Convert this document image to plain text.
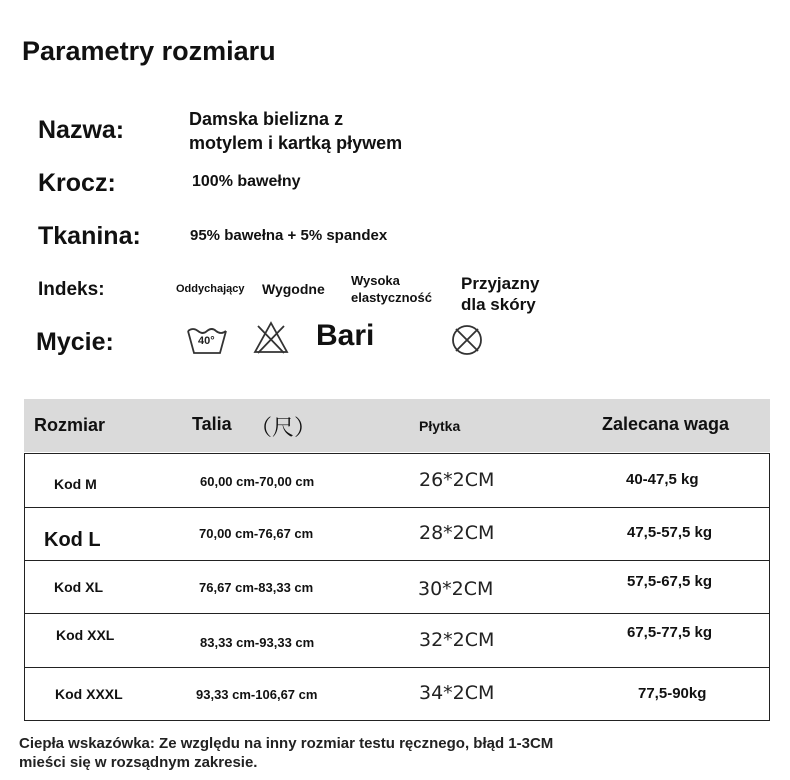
Parametry rozmiaru
Nazwa:	Damska bielizna z
motylem i kartką pływem
Krocz:	100% bawełny
Tkanina:	95% bawełna + 5% spandex
Indeks:	Oddychający Wygodne
Wysoka
elastyczność
Przyjazny
dla skóry
Mycie:	40°	Bari
Rozmiar	Talia （尺）	Płytka	Zalecana waga
Kod M	60,00 cm-70,00 cm	26*2CM	40-47,5 kg
Kod L	70,00 cm-76,67 cm	28*2CM	47,5-57,5 kg
Kod XL	76,67 cm-83,33 cm	30*2CM	57,5-67,5 kg
Kod XXL	83,33 cm-93,33 cm	32*2CM	67,5-77,5 kg
Kod XXXL	93,33 cm-106,67 cm	34*2CM	77,5-90kg
Ciepła wskazówka: Ze względu na inny rozmiar testu ręcznego, błąd 1-3CM
mieści się w rozsądnym zakresie.
